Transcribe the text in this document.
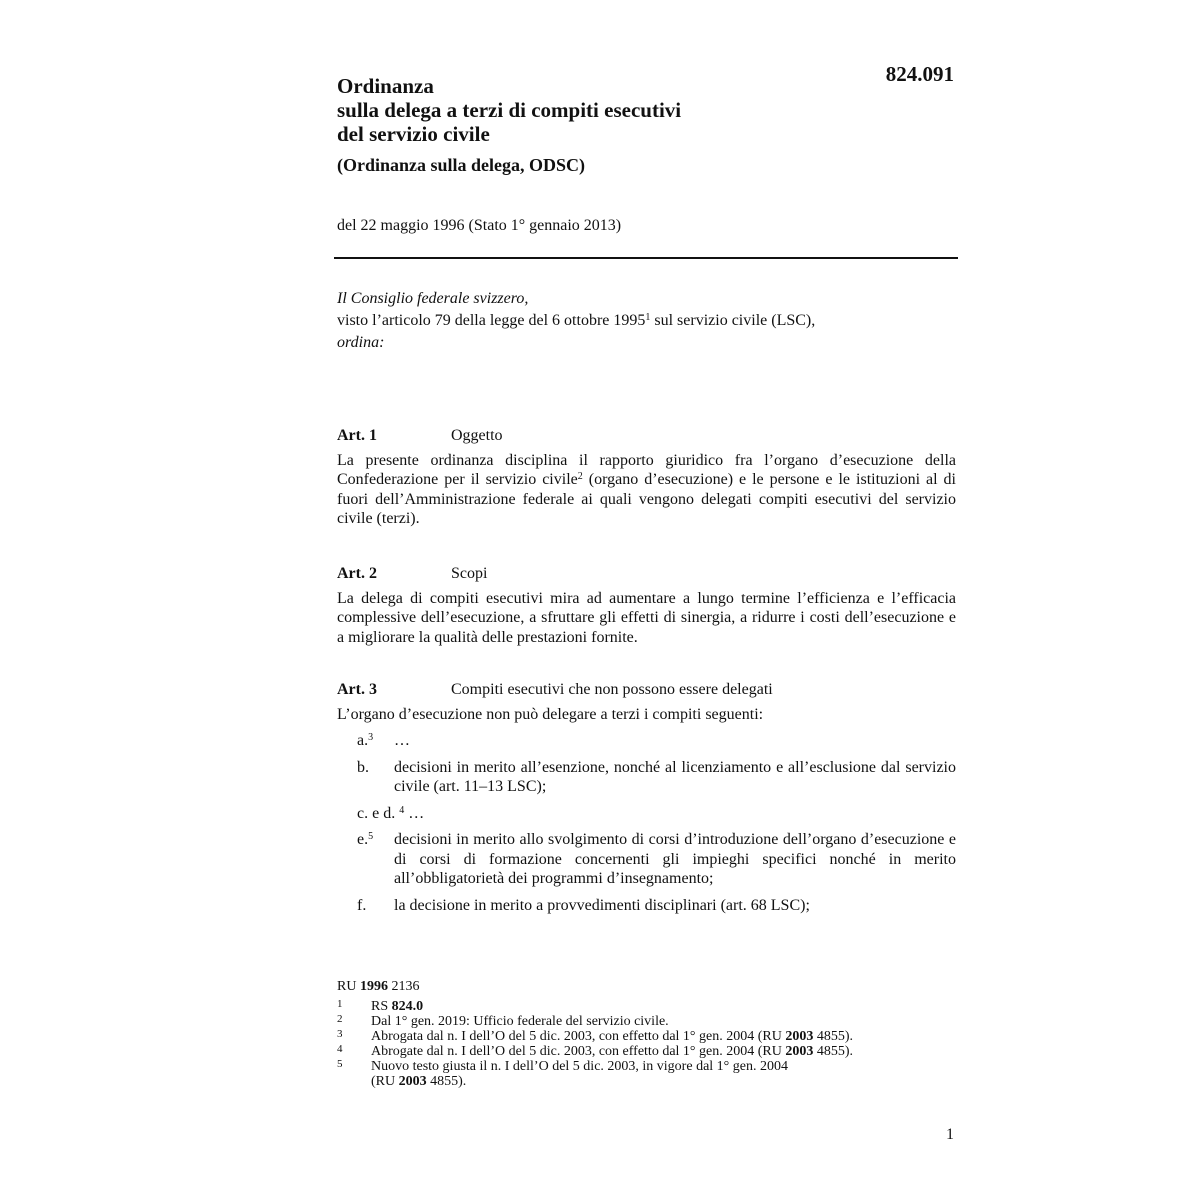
824.091
Ordinanza
sulla delega a terzi di compiti esecutivi
del servizio civile
(Ordinanza sulla delega, ODSC)
del 22 maggio 1996 (Stato 1° gennaio 2013)
Il Consiglio federale svizzero,
visto l’articolo 79 della legge del 6 ottobre 1995$^1$ sul servizio civile (LSC),
ordina:
Art. 1	Oggetto
La presente ordinanza disciplina il rapporto giuridico fra l’organo d’esecuzione della Confederazione per il servizio civile$^2$ (organo d’esecuzione) e le persone e le istituzioni al di fuori dell’Amministrazione federale ai quali vengono delegati compiti esecutivi del servizio civile (terzi).
Art. 2	Scopi
La delega di compiti esecutivi mira ad aumentare a lungo termine l’efficienza e l’efficacia complessive dell’esecuzione, a sfruttare gli effetti di sinergia, a ridurre i costi dell’esecuzione e a migliorare la qualità delle prestazioni fornite.
Art. 3	Compiti esecutivi che non possono essere delegati
L’organo d’esecuzione non può delegare a terzi i compiti seguenti:
a.$^3$	…
b.	decisioni in merito all’esenzione, nonché al licenziamento e all’esclusione dal servizio civile (art. 11–13 LSC);
c. e d. $^4$ …
e.$^5$	decisioni in merito allo svolgimento di corsi d’introduzione dell’organo d’esecuzione e di corsi di formazione concernenti gli impieghi specifici nonché in merito all’obbligatorietà dei programmi d’insegnamento;
f.	la decisione in merito a provvedimenti disciplinari (art. 68 LSC);
RU 1996 2136
1	RS 824.0
2	Dal 1° gen. 2019: Ufficio federale del servizio civile.
3	Abrogata dal n. I dell’O del 5 dic. 2003, con effetto dal 1° gen. 2004 (RU 2003 4855).
4	Abrogate dal n. I dell’O del 5 dic. 2003, con effetto dal 1° gen. 2004 (RU 2003 4855).
5	Nuovo testo giusta il n. I dell’O del 5 dic. 2003, in vigore dal 1° gen. 2004
(RU 2003 4855).
1
